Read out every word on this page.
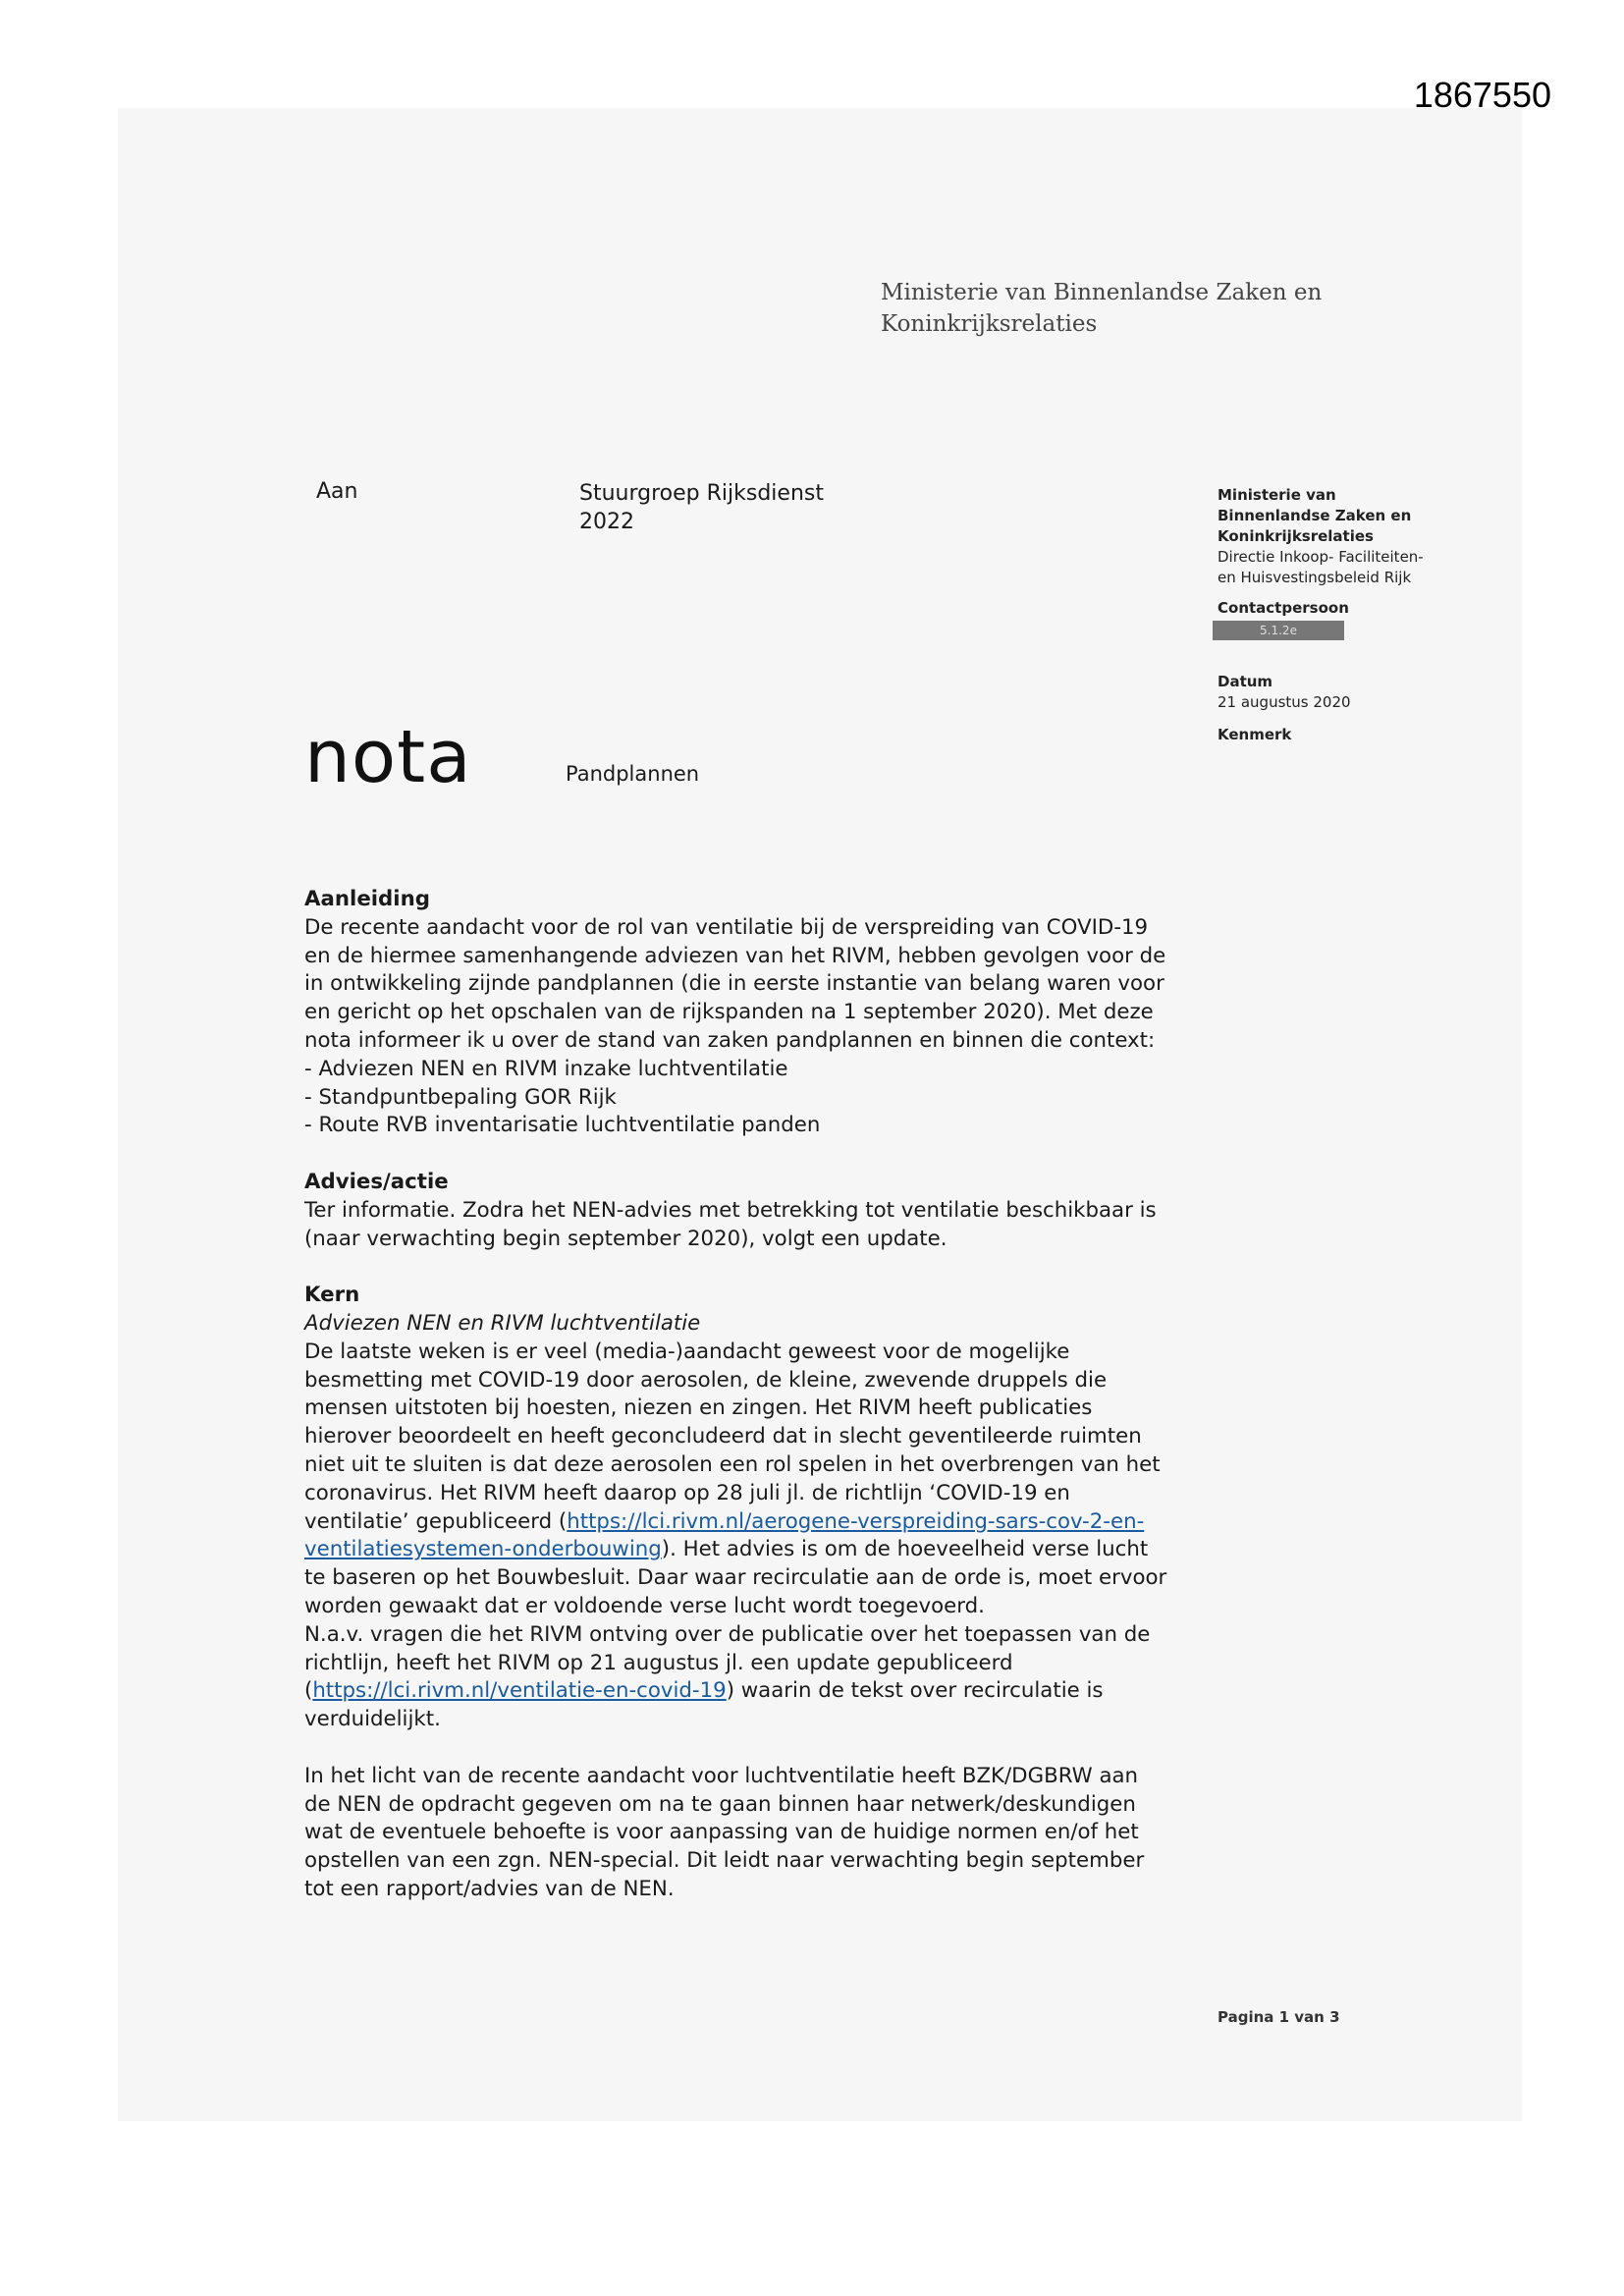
1867550
Ministerie van Binnenlandse Zaken en
Koninkrijksrelaties
Aan	Stuurgroep Rijksdienst
2022
nota	Pandplannen
Ministerie van
Binnenlandse Zaken en
Koninkrijksrelaties
Directie Inkoop- Faciliteiten-
en Huisvestingsbeleid Rijk
Contactpersoon
5.1.2e
Datum
21 augustus 2020
Kenmerk
Aanleiding

De recente aandacht voor de rol van ventilatie bij de verspreiding van COVID-19
en de hiermee samenhangende adviezen van het RIVM, hebben gevolgen voor de
in ontwikkeling zijnde pandplannen (die in eerste instantie van belang waren voor
en gericht op het opschalen van de rijkspanden na 1 september 2020). Met deze
nota informeer ik u over de stand van zaken pandplannen en binnen die context:
- Adviezen NEN en RIVM inzake luchtventilatie
- Standpuntbepaling GOR Rijk
- Route RVB inventarisatie luchtventilatie panden

Advies/actie

Ter informatie. Zodra het NEN-advies met betrekking tot ventilatie beschikbaar is
(naar verwachting begin september 2020), volgt een update.

Kern

Adviezen NEN en RIVM luchtventilatie

De laatste weken is er veel (media-)aandacht geweest voor de mogelijke
besmetting met COVID-19 door aerosolen, de kleine, zwevende druppels die
mensen uitstoten bij hoesten, niezen en zingen. Het RIVM heeft publicaties
hierover beoordeelt en heeft geconcludeerd dat in slecht geventileerde ruimten
niet uit te sluiten is dat deze aerosolen een rol spelen in het overbrengen van het
coronavirus. Het RIVM heeft daarop op 28 juli jl. de richtlijn ‘COVID-19 en
ventilatie’ gepubliceerd (https://lci.rivm.nl/aerogene-verspreiding-sars-cov-2-en-
ventilatiesystemen-onderbouwing). Het advies is om de hoeveelheid verse lucht
te baseren op het Bouwbesluit. Daar waar recirculatie aan de orde is, moet ervoor
worden gewaakt dat er voldoende verse lucht wordt toegevoerd.
N.a.v. vragen die het RIVM ontving over de publicatie over het toepassen van de
richtlijn, heeft het RIVM op 21 augustus jl. een update gepubliceerd
(https://lci.rivm.nl/ventilatie-en-covid-19) waarin de tekst over recirculatie is
verduidelijkt.

In het licht van de recente aandacht voor luchtventilatie heeft BZK/DGBRW aan
de NEN de opdracht gegeven om na te gaan binnen haar netwerk/deskundigen
wat de eventuele behoefte is voor aanpassing van de huidige normen en/of het
opstellen van een zgn. NEN-special. Dit leidt naar verwachting begin september
tot een rapport/advies van de NEN.

Pagina 1 van 3
